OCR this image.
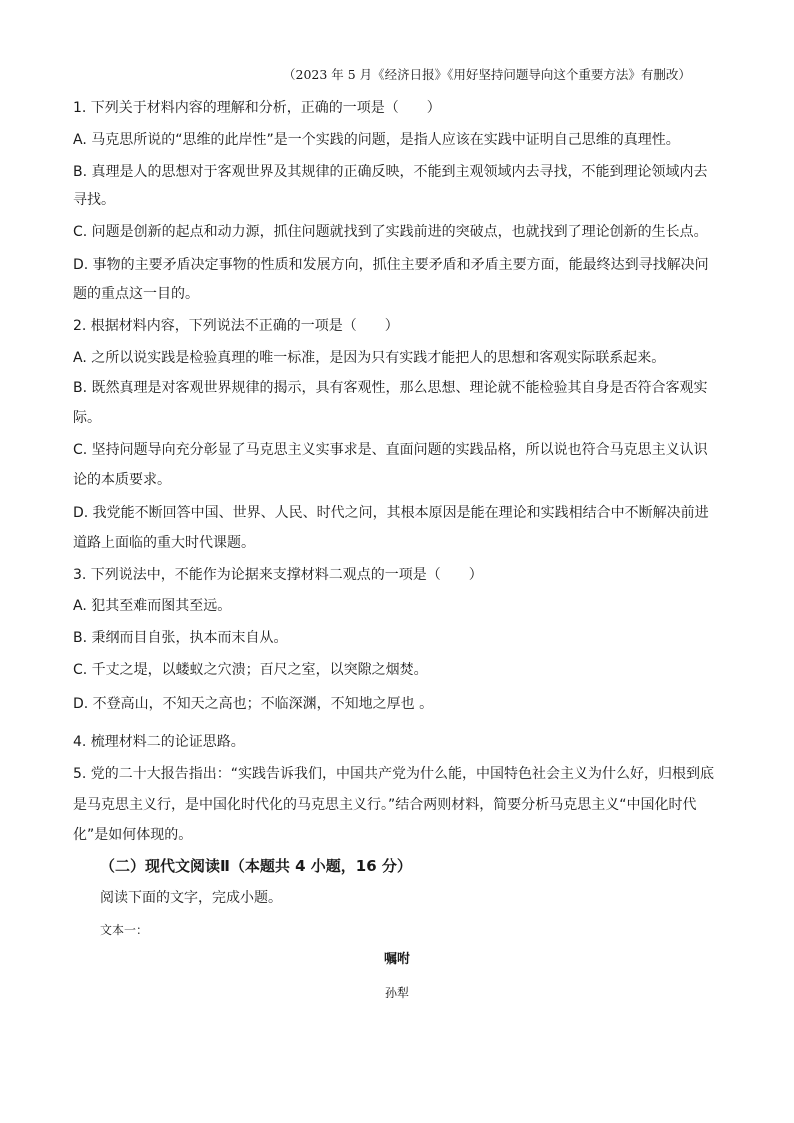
（2023 年 5 月《经济日报》《用好坚持问题导向这个重要方法》有删改）
1. 下列关于材料内容的理解和分析，正确的一项是（　　）
A. 马克思所说的“思维的此岸性”是一个实践的问题，是指人应该在实践中证明自己思维的真理性。
B. 真理是人的思想对于客观世界及其规律的正确反映，不能到主观领域内去寻找，不能到理论领域内去
寻找。
C. 问题是创新的起点和动力源，抓住问题就找到了实践前进的突破点，也就找到了理论创新的生长点。
D. 事物的主要矛盾决定事物的性质和发展方向，抓住主要矛盾和矛盾主要方面，能最终达到寻找解决问
题的重点这一目的。
2. 根据材料内容，下列说法不正确的一项是（　　）
A. 之所以说实践是检验真理的唯一标准，是因为只有实践才能把人的思想和客观实际联系起来。
B. 既然真理是对客观世界规律的揭示，具有客观性，那么思想、理论就不能检验其自身是否符合客观实
际。
C. 坚持问题导向充分彰显了马克思主义实事求是、直面问题的实践品格，所以说也符合马克思主义认识
论的本质要求。
D. 我党能不断回答中国、世界、人民、时代之问，其根本原因是能在理论和实践相结合中不断解决前进
道路上面临的重大时代课题。
3. 下列说法中，不能作为论据来支撑材料二观点的一项是（　　）
A. 犯其至难而图其至远。
B. 秉纲而目自张，执本而末自从。
C. 千丈之堤，以蝼蚁之穴溃；百尺之室，以突隙之烟焚。
D. 不登高山，不知天之高也；不临深渊，不知地之厚也 。
4. 梳理材料二的论证思路。
5. 党的二十大报告指出：“实践告诉我们，中国共产党为什么能，中国特色社会主义为什么好，归根到底
是马克思主义行，是中国化时代化的马克思主义行。”结合两则材料，简要分析马克思主义“中国化时代
化”是如何体现的。
（二）现代文阅读Ⅱ（本题共 4 小题，16 分）
阅读下面的文字，完成小题。
文本一：
嘱咐
孙犁
